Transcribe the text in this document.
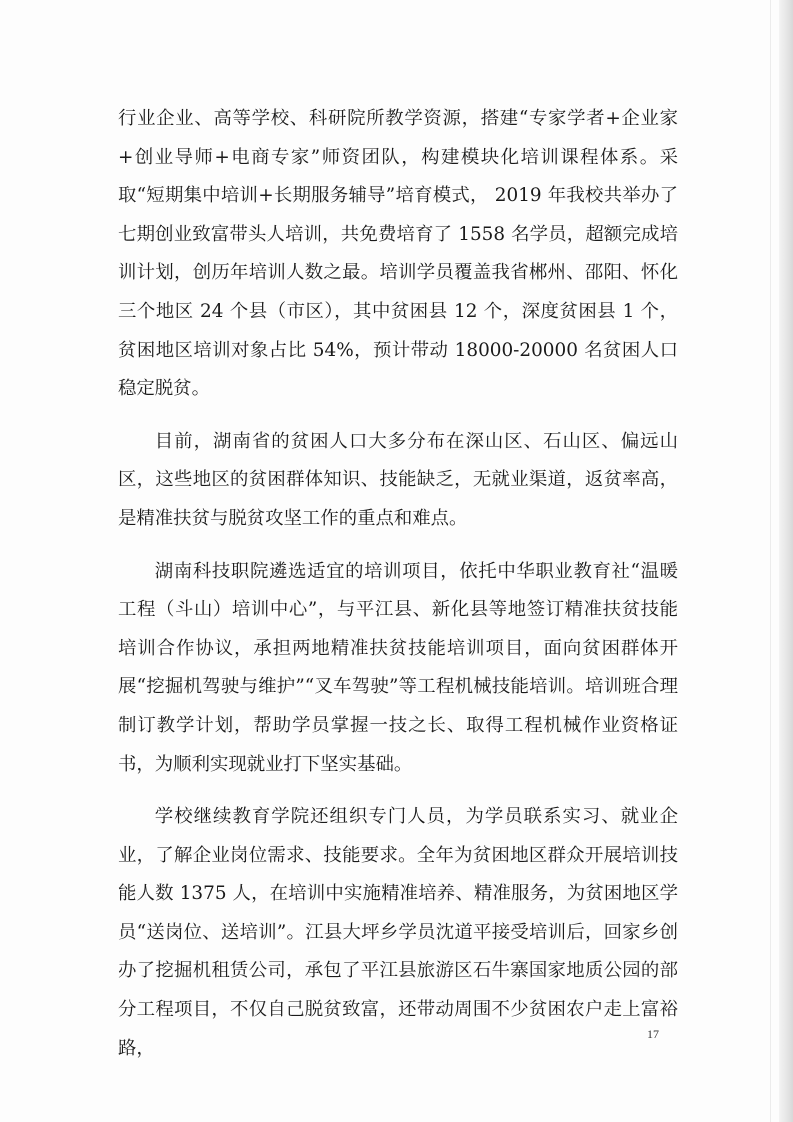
行业企业、高等学校、科研院所教学资源，搭建“专家学者+企业家+创业导师+电商专家”师资团队，构建模块化培训课程体系。采取“短期集中培训+长期服务辅导”培育模式， 2019 年我校共举办了七期创业致富带头人培训，共免费培育了 1558 名学员，超额完成培训计划，创历年培训人数之最。培训学员覆盖我省郴州、邵阳、怀化三个地区 24 个县（市区），其中贫困县 12 个，深度贫困县 1 个，贫困地区培训对象占比 54%，预计带动 18000-20000 名贫困人口稳定脱贫。

目前，湖南省的贫困人口大多分布在深山区、石山区、偏远山区，这些地区的贫困群体知识、技能缺乏，无就业渠道，返贫率高，是精准扶贫与脱贫攻坚工作的重点和难点。

湖南科技职院遴选适宜的培训项目，依托中华职业教育社“温暖工程（斗山）培训中心”，与平江县、新化县等地签订精准扶贫技能培训合作协议，承担两地精准扶贫技能培训项目，面向贫困群体开展“挖掘机驾驶与维护”“叉车驾驶”等工程机械技能培训。培训班合理制订教学计划，帮助学员掌握一技之长、取得工程机械作业资格证书，为顺利实现就业打下坚实基础。

学校继续教育学院还组织专门人员，为学员联系实习、就业企业，了解企业岗位需求、技能要求。全年为贫困地区群众开展培训技能人数 1375 人，在培训中实施精准培养、精准服务，为贫困地区学员“送岗位、送培训”。江县大坪乡学员沈道平接受培训后，回家乡创办了挖掘机租赁公司，承包了平江县旅游区石牛寨国家地质公园的部分工程项目，不仅自己脱贫致富，还带动周围不少贫困农户走上富裕路，

17
